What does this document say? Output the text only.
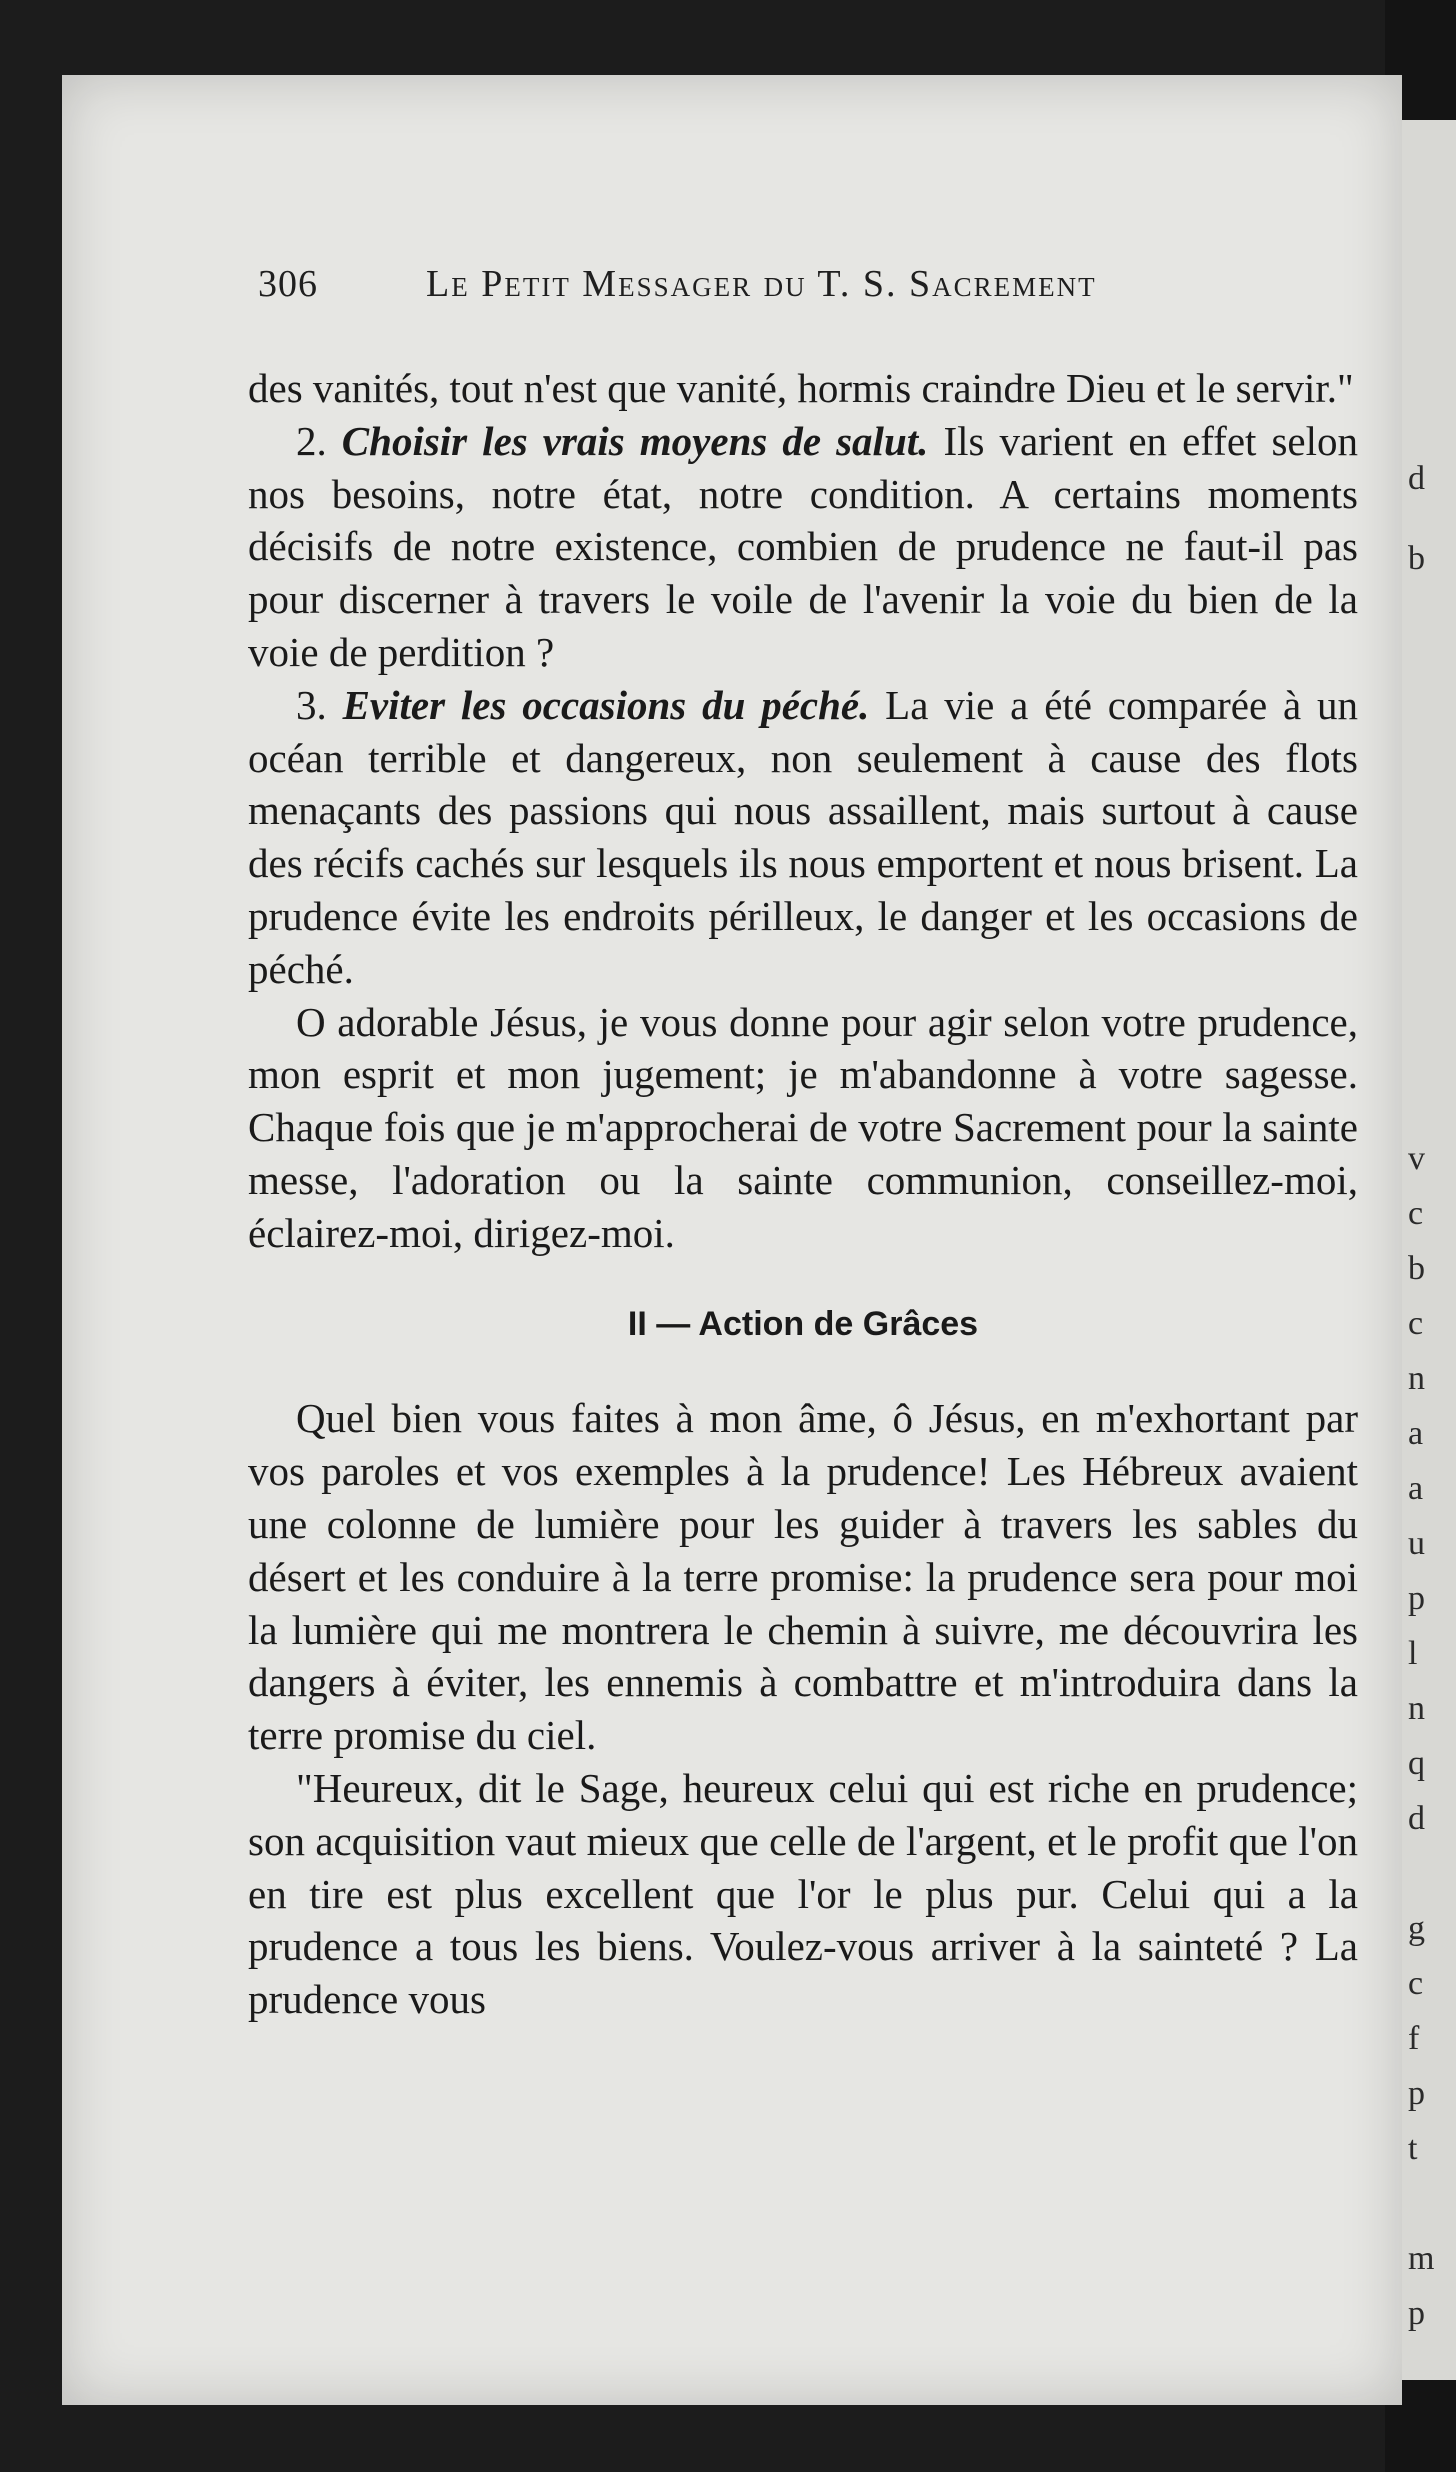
d
b
v
c
b
c
n
a
a
u
p
l
n
q
d
g
c
f
p
t
m
p
306	Le Petit Messager du T. S. Sacrement

des vanités, tout n'est que vanité, hormis craindre Dieu et le servir."

2. Choisir les vrais moyens de salut. Ils varient en effet selon nos besoins, notre état, notre condition. A certains moments décisifs de notre existence, combien de prudence ne faut-il pas pour discerner à travers le voile de l'avenir la voie du bien de la voie de perdition ?

3. Eviter les occasions du péché. La vie a été comparée à un océan terrible et dangereux, non seulement à cause des flots menaçants des passions qui nous assaillent, mais surtout à cause des récifs cachés sur lesquels ils nous emportent et nous brisent. La prudence évite les endroits périlleux, le danger et les occasions de péché.

O adorable Jésus, je vous donne pour agir selon votre prudence, mon esprit et mon jugement; je m'abandonne à votre sagesse. Chaque fois que je m'approcherai de votre Sacrement pour la sainte messe, l'adoration ou la sainte communion, conseillez-moi, éclairez-moi, dirigez-moi.

II — Action de Grâces

Quel bien vous faites à mon âme, ô Jésus, en m'exhortant par vos paroles et vos exemples à la prudence! Les Hébreux avaient une colonne de lumière pour les guider à travers les sables du désert et les conduire à la terre promise: la prudence sera pour moi la lumière qui me montrera le chemin à suivre, me découvrira les dangers à éviter, les ennemis à combattre et m'introduira dans la terre promise du ciel.

"Heureux, dit le Sage, heureux celui qui est riche en prudence; son acquisition vaut mieux que celle de l'argent, et le profit que l'on en tire est plus excellent que l'or le plus pur. Celui qui a la prudence a tous les biens. Voulez-vous arriver à la sainteté ? La prudence vous
